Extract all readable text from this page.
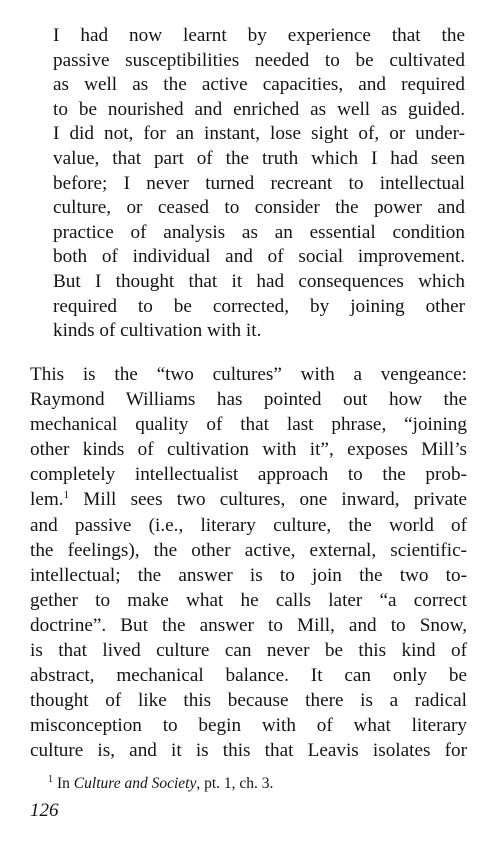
I had now learnt by experience that the
passive susceptibilities needed to be cultivated
as well as the active capacities, and required
to be nourished and enriched as well as guided.
I did not, for an instant, lose sight of, or under-
value, that part of the truth which I had seen
before; I never turned recreant to intellectual
culture, or ceased to consider the power and
practice of analysis as an essential condition
both of individual and of social improvement.
But I thought that it had consequences which
required to be corrected, by joining other
kinds of cultivation with it.
This is the “two cultures” with a vengeance:
Raymond Williams has pointed out how the
mechanical quality of that last phrase, “joining
other kinds of cultivation with it”, exposes Mill’s
completely intellectualist approach to the prob-
lem.$^1$ Mill sees two cultures, one inward, private
and passive (i.e., literary culture, the world of
the feelings), the other active, external, scientific-
intellectual; the answer is to join the two to-
gether to make what he calls later “a correct
doctrine”. But the answer to Mill, and to Snow,
is that lived culture can never be this kind of
abstract, mechanical balance. It can only be
thought of like this because there is a radical
misconception to begin with of what literary
culture is, and it is this that Leavis isolates for
$^1$ In Culture and Society, pt. 1, ch. 3.
126
